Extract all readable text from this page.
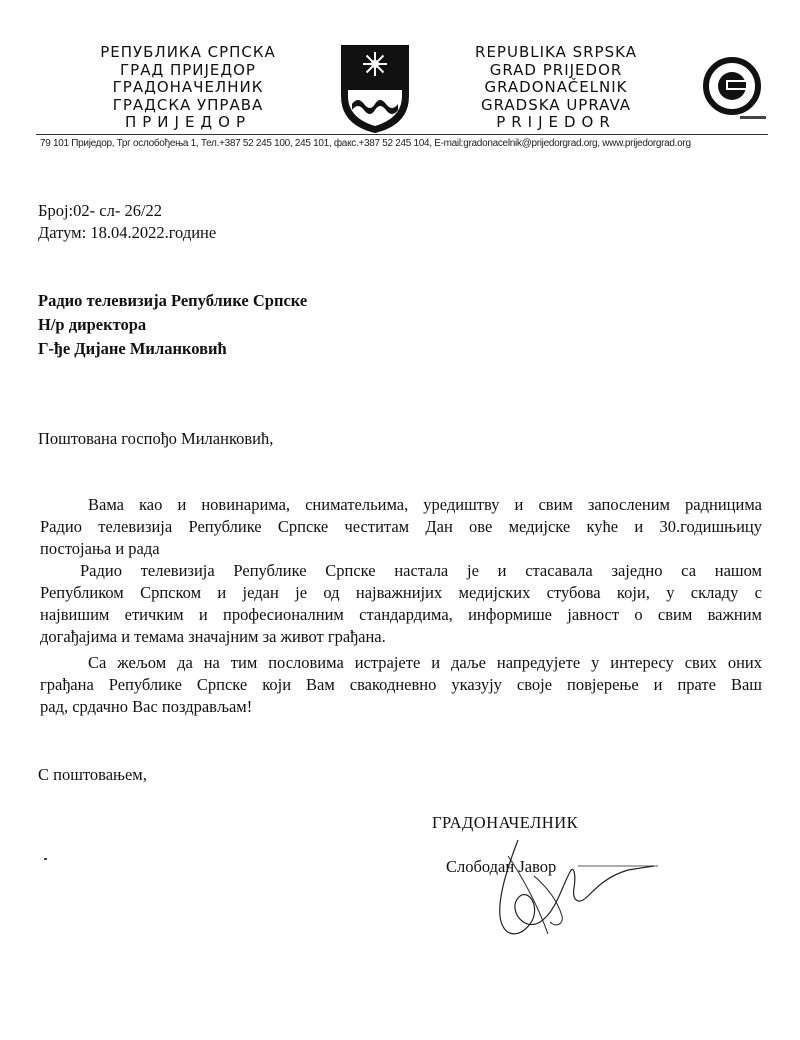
РЕПУБЛИКА СРПСКА
ГРАД ПРИЈЕДОР
ГРАДОНАЧЕЛНИК
ГРАДСКА УПРАВА
ПРИЈЕДОР
REPUBLIKA SRPSKA
GRAD PRIJEDOR
GRADONAČELNIK
GRADSKA UPRAVA
PRIJEDOR
79 101 Приједор, Трг ослобођења 1, Тел.+387 52 245 100, 245 101, факс.+387 52 245 104, E-mail:gradonacelnik@prijedorgrad.org, www.prijedorgrad.org
Број:02- сл- 26/22
Датум: 18.04.2022.године
Радио телевизија Републике Српске
Н/р директора
Г-ђе Дијане Миланковић
Поштована госпођо Миланковић,
Вама као и новинарима, снимательима, уредиштву и свим запосленим радницима
Радио телевизија Републике Српске честитам Дан ове медијске куће и 30.годишњицу
постојања и рада
Радио телевизија Републике Српске настала је и стасавала заједно са нашом
Републиком Српском и један је од најважнијих медијских стубова који, у складу с
највишим етичким и професионалним стандардима, информише јавност о свим важним
догађајима и темама значајним за живот грађана.
Са жељом да на тим пословима истрајете и даље напредујете у интересу свих оних
грађана Републике Српске који Вам свакодневно указују своје повјерење и прате Ваш
рад, срдачно Вас поздрављам!
С поштовањем,
ГРАДОНАЧЕЛНИК
Слободан Јавор
